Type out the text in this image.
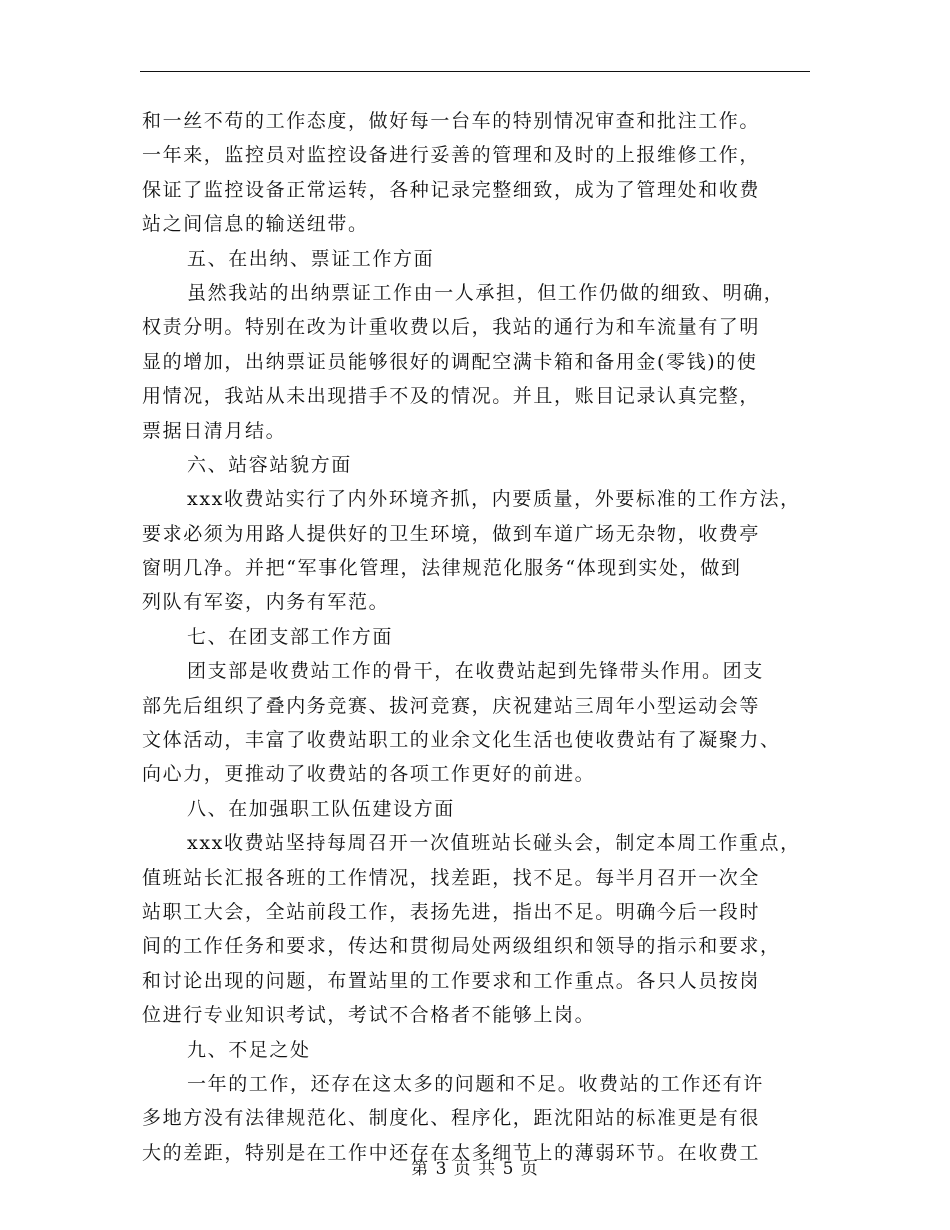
和一丝不苟的工作态度，做好每一台车的特别情况审查和批注工作。
一年来，监控员对监控设备进行妥善的管理和及时的上报维修工作，
保证了监控设备正常运转，各种记录完整细致，成为了管理处和收费
站之间信息的输送纽带。
五、在出纳、票证工作方面
虽然我站的出纳票证工作由一人承担，但工作仍做的细致、明确，
权责分明。特别在改为计重收费以后，我站的通行为和车流量有了明
显的增加，出纳票证员能够很好的调配空满卡箱和备用金(零钱)的使
用情况，我站从未出现措手不及的情况。并且，账目记录认真完整，
票据日清月结。
六、站容站貌方面
xxx收费站实行了内外环境齐抓，内要质量，外要标准的工作方法，
要求必须为用路人提供好的卫生环境，做到车道广场无杂物，收费亭
窗明几净。并把“军事化管理，法律规范化服务“体现到实处，做到
列队有军姿，内务有军范。
七、在团支部工作方面
团支部是收费站工作的骨干，在收费站起到先锋带头作用。团支
部先后组织了叠内务竞赛、拔河竞赛，庆祝建站三周年小型运动会等
文体活动，丰富了收费站职工的业余文化生活也使收费站有了凝聚力、
向心力，更推动了收费站的各项工作更好的前进。
八、在加强职工队伍建设方面
xxx收费站坚持每周召开一次值班站长碰头会，制定本周工作重点，
值班站长汇报各班的工作情况，找差距，找不足。每半月召开一次全
站职工大会，全站前段工作，表扬先进，指出不足。明确今后一段时
间的工作任务和要求，传达和贯彻局处两级组织和领导的指示和要求，
和讨论出现的问题，布置站里的工作要求和工作重点。各只人员按岗
位进行专业知识考试，考试不合格者不能够上岗。
九、不足之处
一年的工作，还存在这太多的问题和不足。收费站的工作还有许
多地方没有法律规范化、制度化、程序化，距沈阳站的标准更是有很
大的差距，特别是在工作中还存在太多细节上的薄弱环节。在收费工
第 3 页 共 5 页
